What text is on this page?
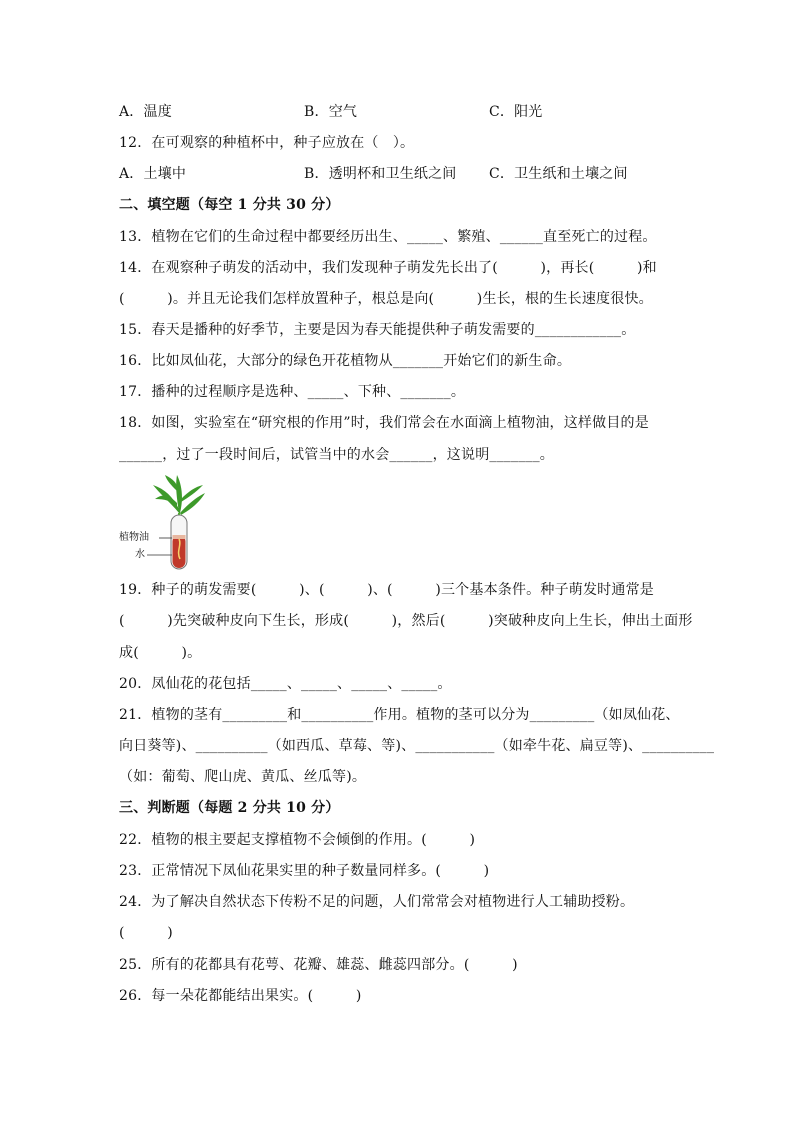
A．温度

	B．空气

	C．阳光

12．在可观察的种植杯中，种子应放在（　）。

A．土壤中

	B．透明杯和卫生纸之间

C．卫生纸和土壤之间

二、填空题（每空 1 分共 30 分）
13．植物在它们的生命过程中都要经历出生、_____、繁殖、______直至死亡的过程。
14．在观察种子萌发的活动中，我们发现种子萌发先长出了(　　　)，再长(　　　)和
(　　　)。并且无论我们怎样放置种子，根总是向(　　　)生长，根的生长速度很快。
15．春天是播种的好季节，主要是因为春天能提供种子萌发需要的____________。
16．比如凤仙花，大部分的绿色开花植物从_______开始它们的新生命。
17．播种的过程顺序是选种、_____、下种、_______。
18．如图，实验室在“研究根的作用”时，我们常会在水面滴上植物油，这样做目的是
______，过了一段时间后，试管当中的水会______，这说明_______。
植物油
水
19．种子的萌发需要(　　　)、(　　　)、(　　　)三个基本条件。种子萌发时通常是
(　　　)先突破种皮向下生长，形成(　　　)，然后(　　　)突破种皮向上生长，伸出土面形
成(　　　)。
20．凤仙花的花包括_____、_____、_____、_____。
21．植物的茎有_________和__________作用。植物的茎可以分为_________（如凤仙花、
向日葵等)、__________（如西瓜、草莓、等)、___________（如牵牛花、扁豆等)、__________
（如：葡萄、爬山虎、黄瓜、丝瓜等)。
三、判断题（每题 2 分共 10 分）
22．植物的根主要起支撑植物不会倾倒的作用。(　　　)
23．正常情况下凤仙花果实里的种子数量同样多。(　　　)
24．为了解决自然状态下传粉不足的问题，人们常常会对植物进行人工辅助授粉。
(　　　)
25．所有的花都具有花萼、花瓣、雄蕊、雌蕊四部分。(　　　)
26．每一朵花都能结出果实。(　　　)
